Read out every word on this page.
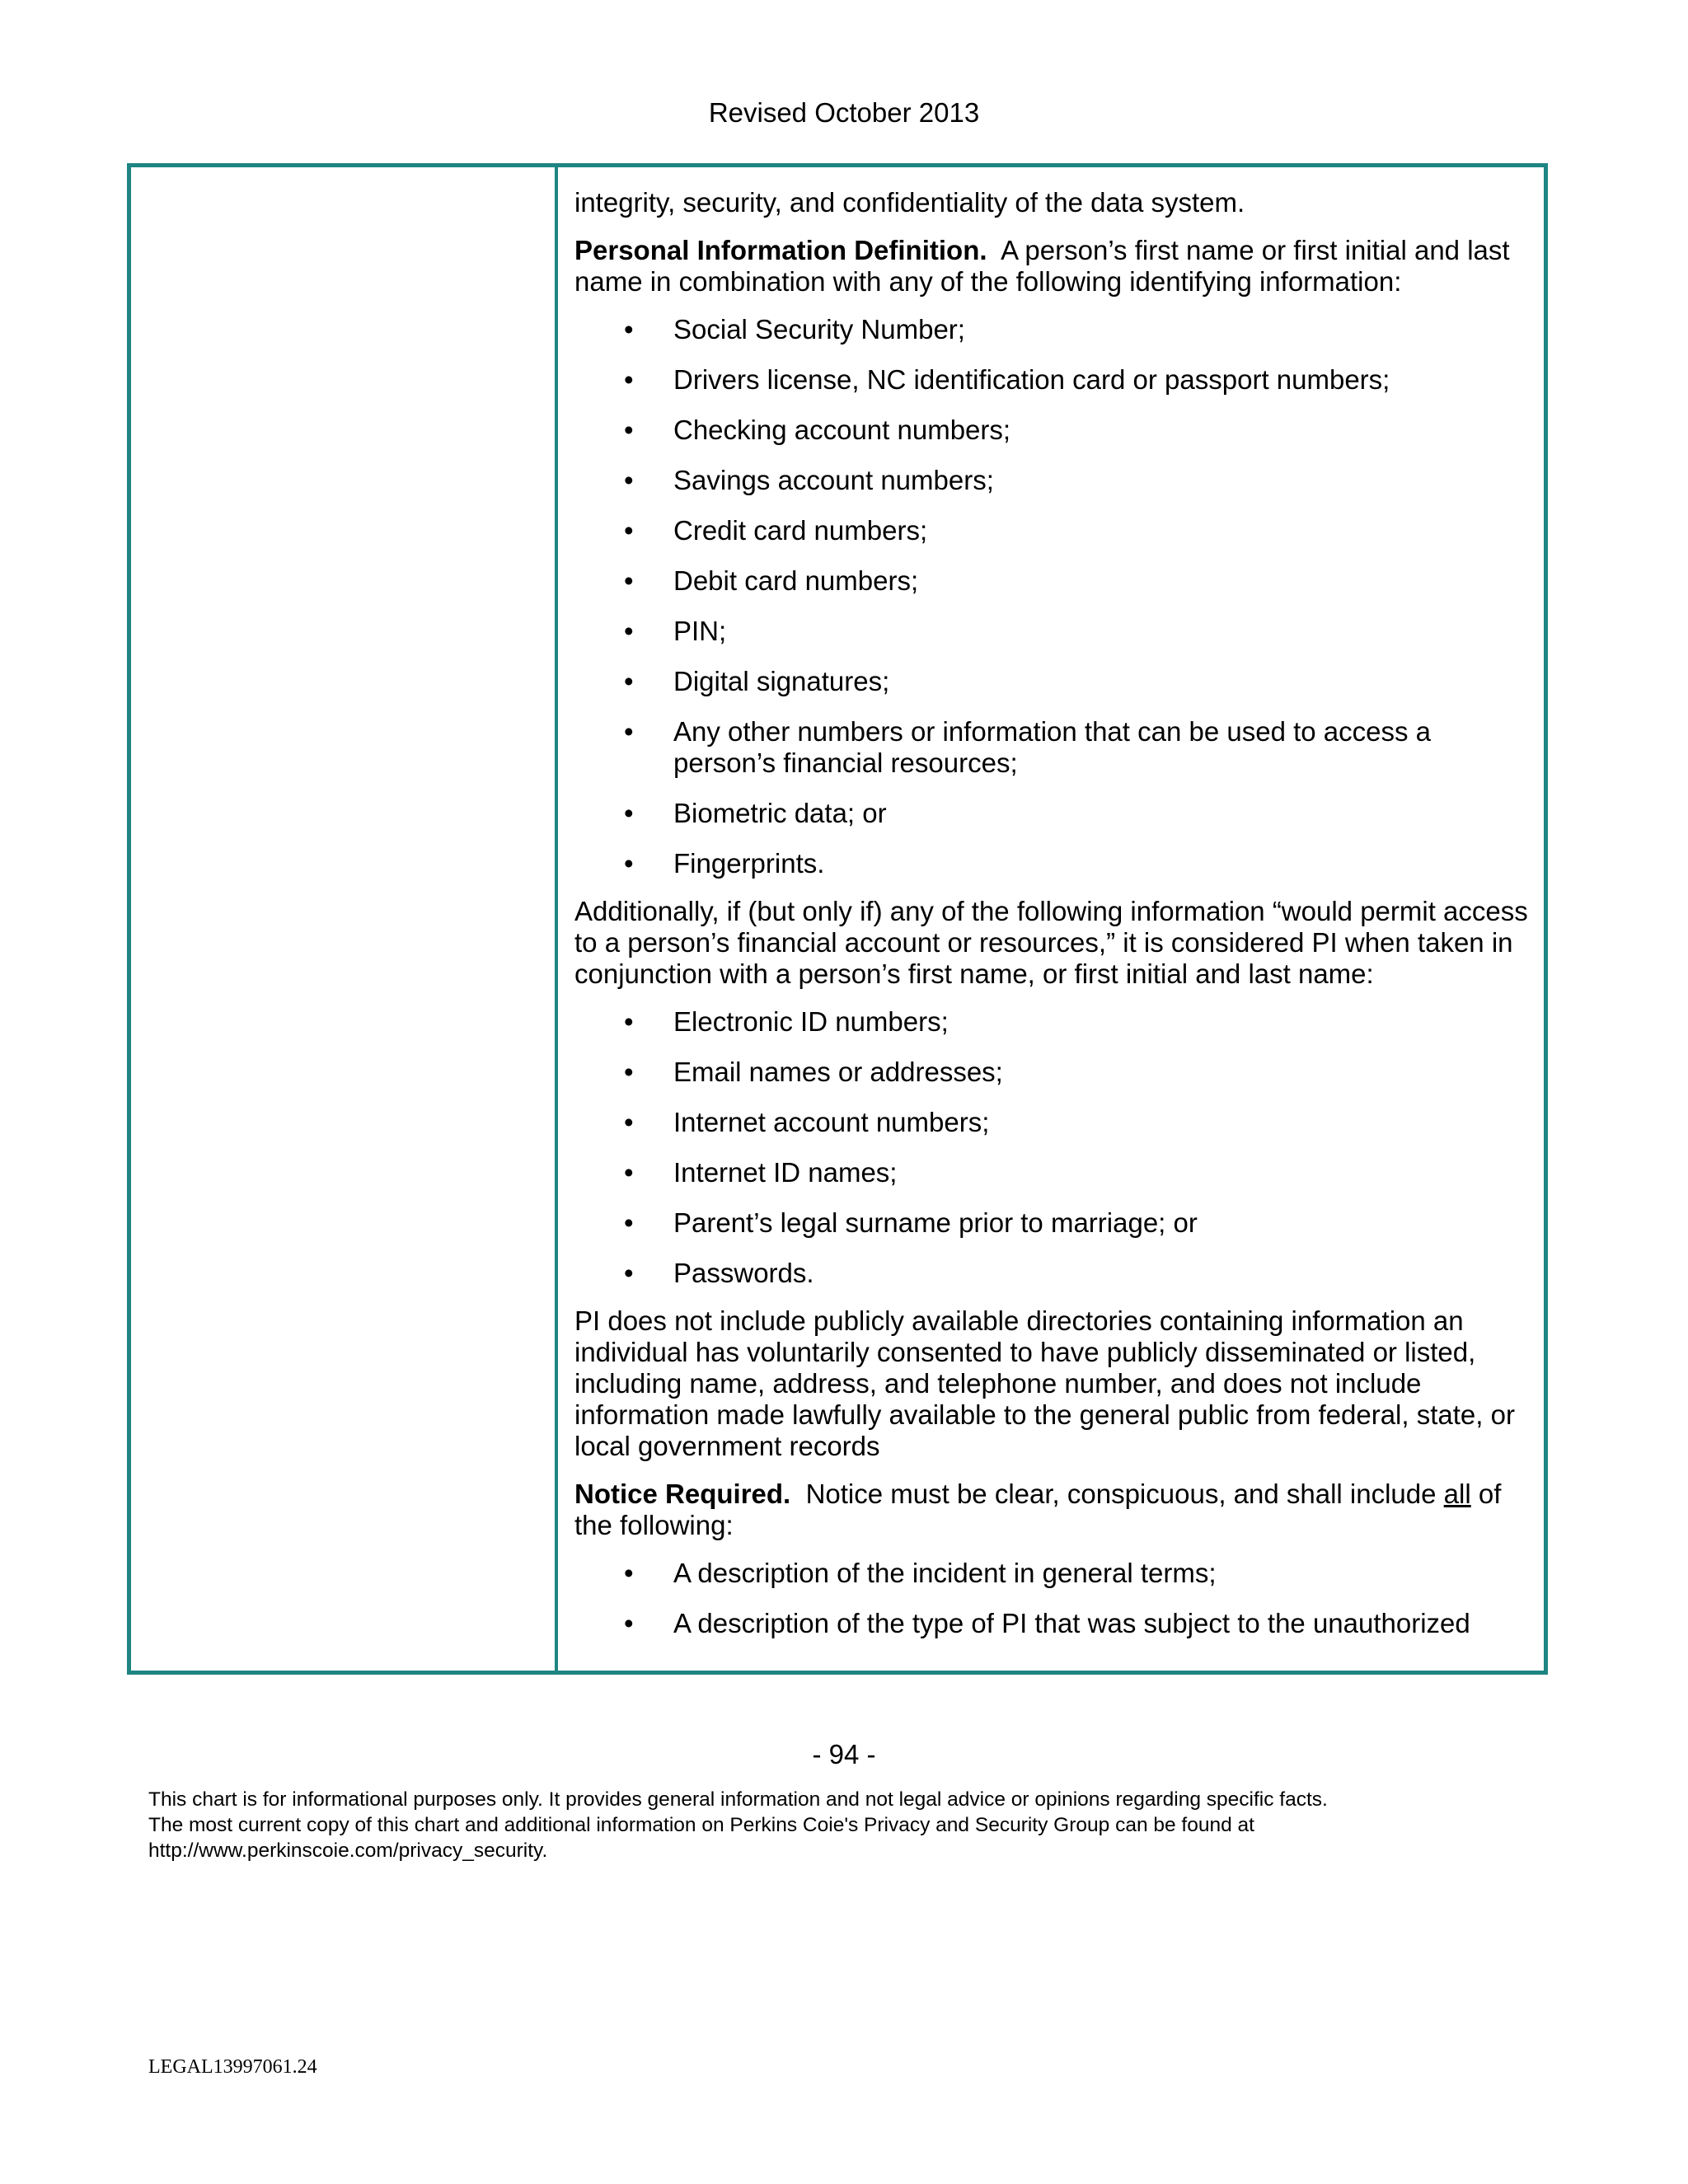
Revised October 2013

integrity, security, and confidentiality of the data system.

Personal Information Definition. A person’s first name or first initial and last name in combination with any of the following identifying information:

• Social Security Number;
• Drivers license, NC identification card or passport numbers;
• Checking account numbers;
• Savings account numbers;
• Credit card numbers;
• Debit card numbers;
• PIN;
• Digital signatures;
• Any other numbers or information that can be used to access a person’s financial resources;
• Biometric data; or
• Fingerprints.

Additionally, if (but only if) any of the following information “would permit access to a person’s financial account or resources,” it is considered PI when taken in conjunction with a person’s first name, or first initial and last name:

• Electronic ID numbers;
• Email names or addresses;
• Internet account numbers;
• Internet ID names;
• Parent’s legal surname prior to marriage; or
• Passwords.

PI does not include publicly available directories containing information an individual has voluntarily consented to have publicly disseminated or listed, including name, address, and telephone number, and does not include information made lawfully available to the general public from federal, state, or local government records

Notice Required. Notice must be clear, conspicuous, and shall include all of the following:

• A description of the incident in general terms;
• A description of the type of PI that was subject to the unauthorized
- 94 -
This chart is for informational purposes only. It provides general information and not legal advice or opinions regarding specific facts.
The most current copy of this chart and additional information on Perkins Coie's Privacy and Security Group can be found at
http://www.perkinscoie.com/privacy_security.
LEGAL13997061.24
